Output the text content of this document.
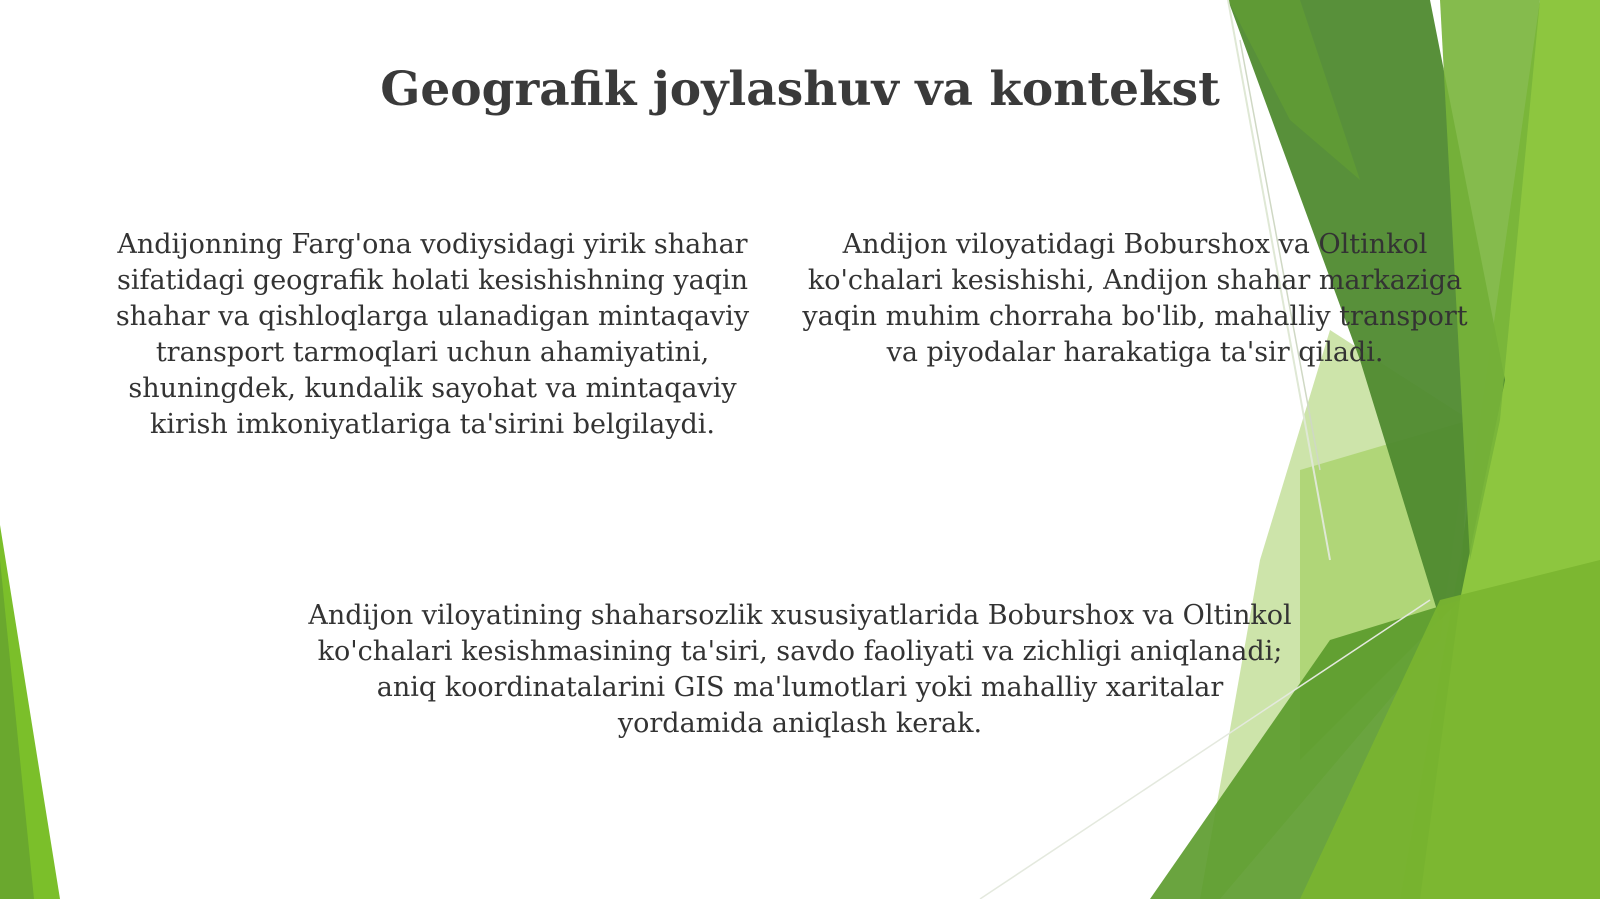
Geografik joylashuv va kontekst

Andijonning Farg'ona vodiysidagi yirik shahar sifatidagi geografik holati kesishishning yaqin shahar va qishloqlarga ulanadigan mintaqaviy transport tarmoqlari uchun ahamiyatini, shuningdek, kundalik sayohat va mintaqaviy kirish imkoniyatlariga ta'sirini belgilaydi.

Andijon viloyatidagi Boburshox va Oltinkol ko'chalari kesishishi, Andijon shahar markaziga yaqin muhim chorraha bo'lib, mahalliy transport va piyodalar harakatiga ta'sir qiladi.

Andijon viloyatining shaharsozlik xususiyatlarida Boburshox va Oltinkol ko'chalari kesishmasining ta'siri, savdo faoliyati va zichligi aniqlanadi; aniq koordinatalarini GIS ma'lumotlari yoki mahalliy xaritalar yordamida aniqlash kerak.
